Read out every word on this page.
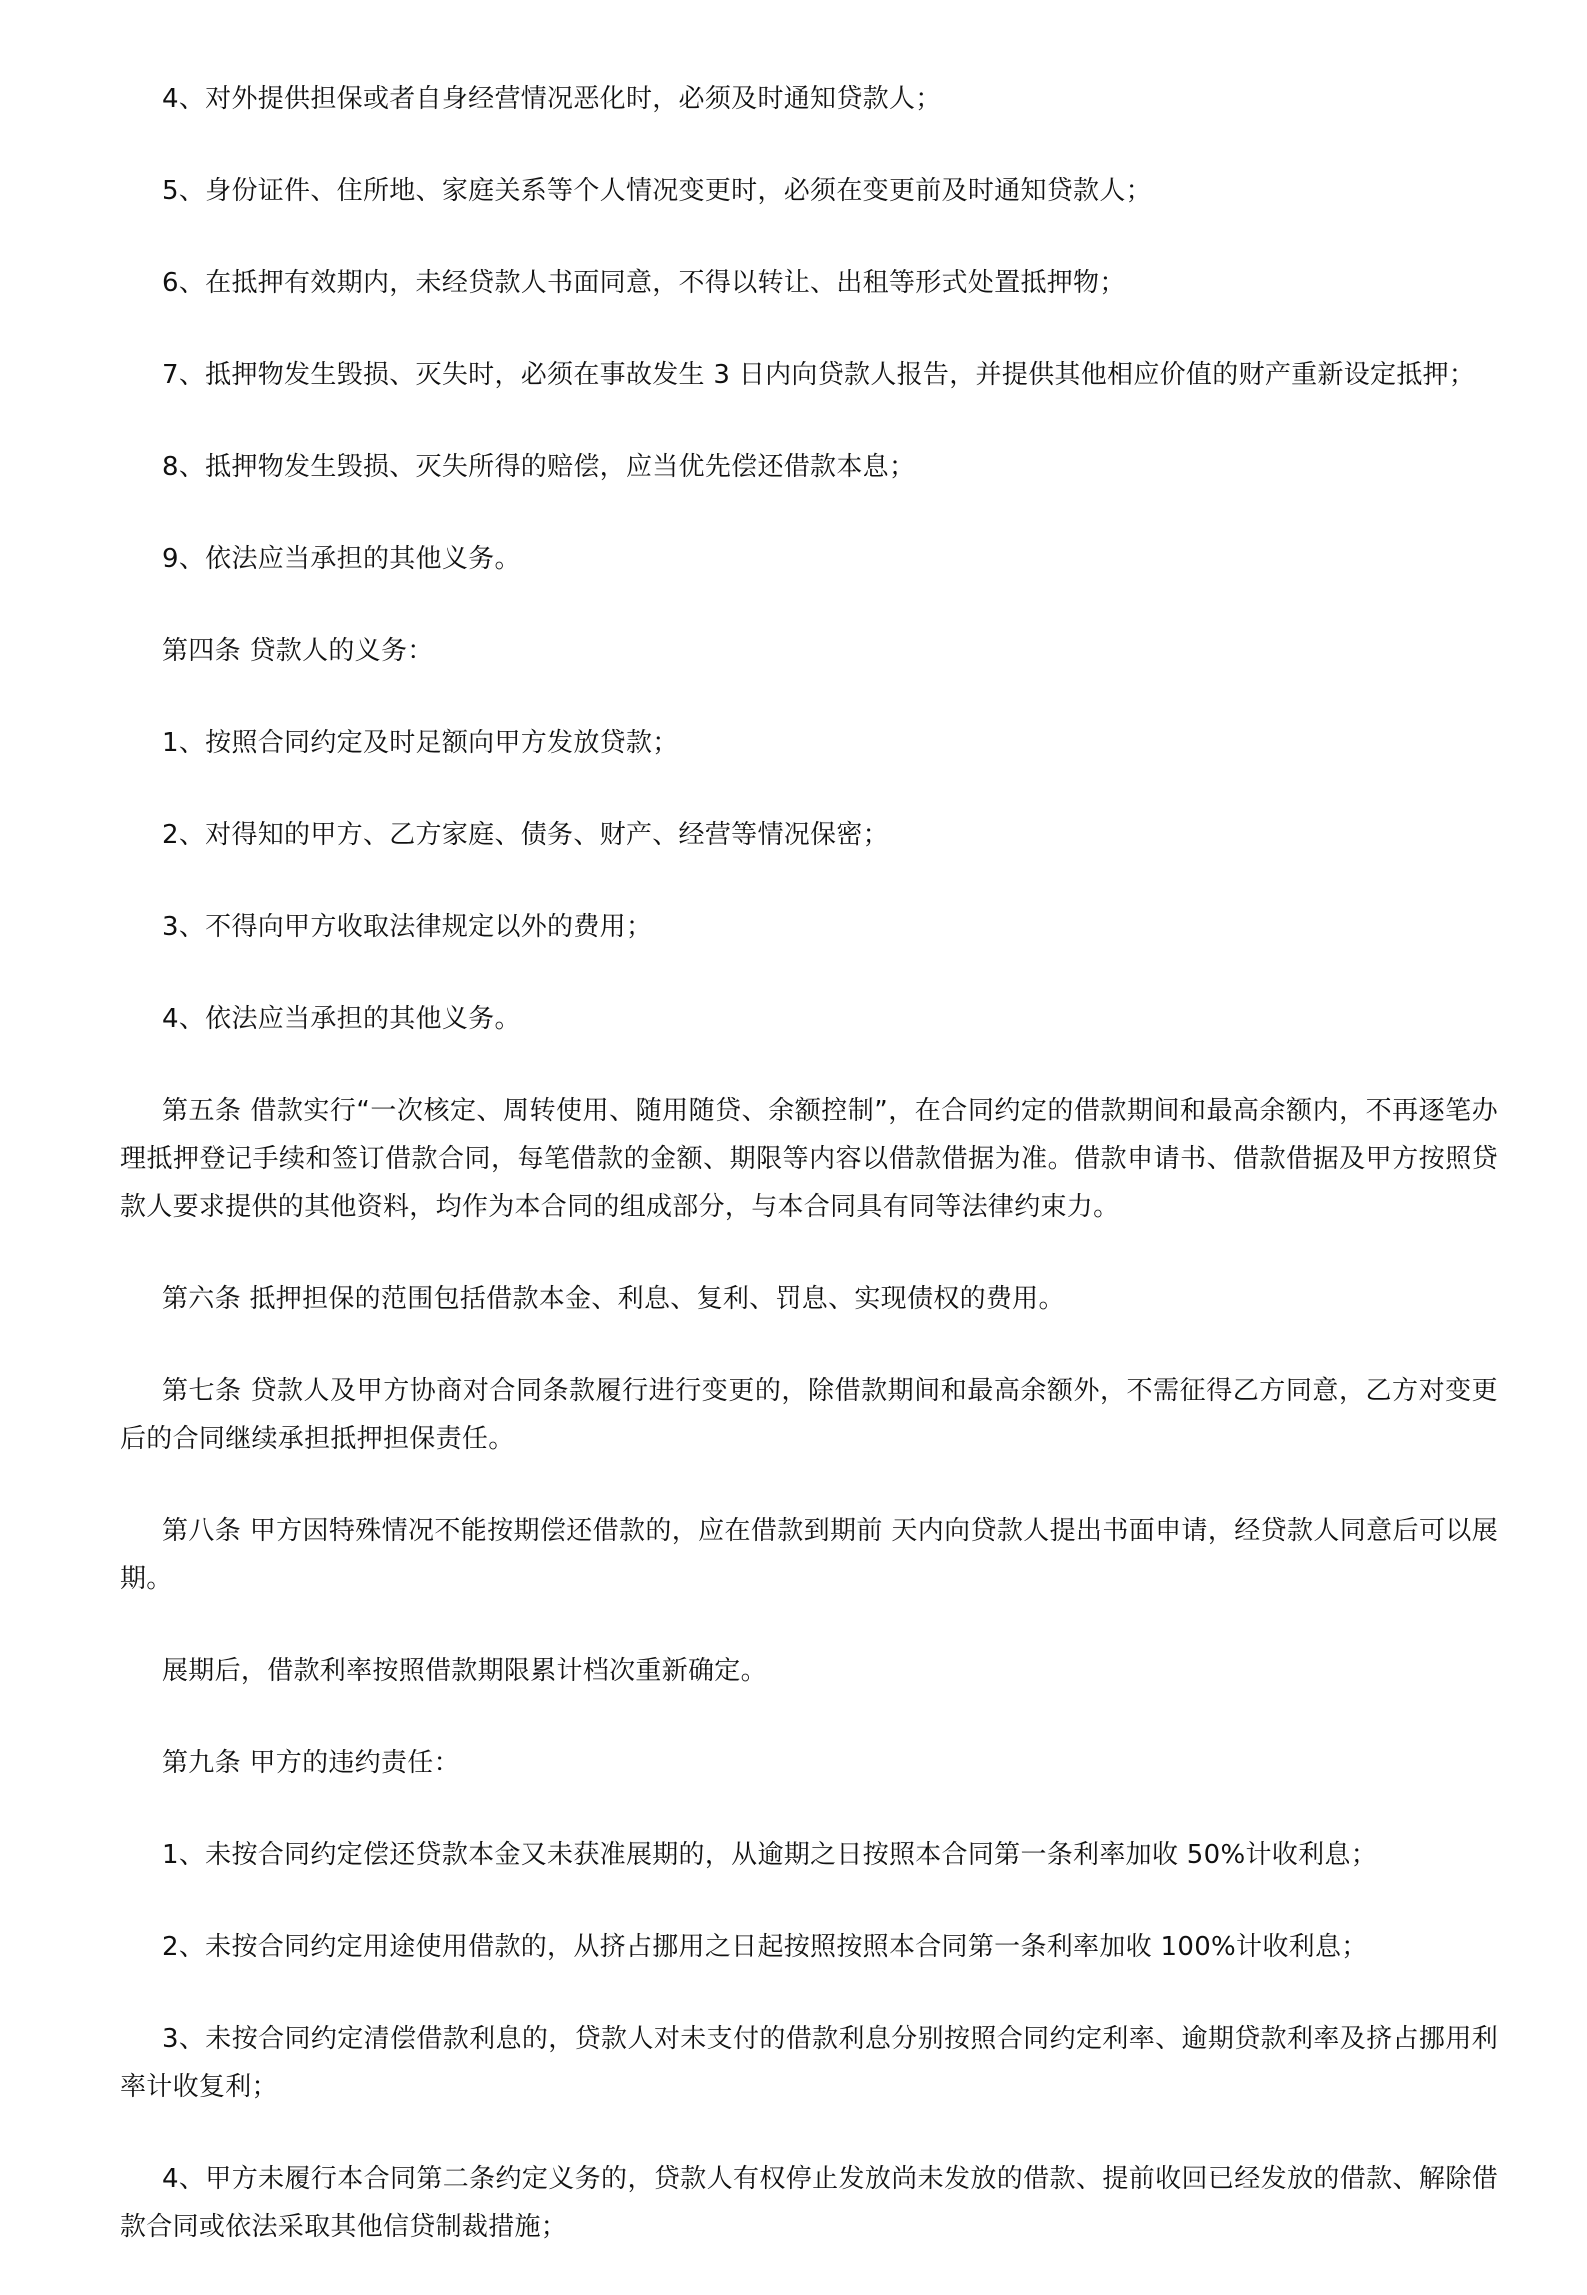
4、对外提供担保或者自身经营情况恶化时，必须及时通知贷款人；

5、身份证件、住所地、家庭关系等个人情况变更时，必须在变更前及时通知贷款人；

6、在抵押有效期内，未经贷款人书面同意，不得以转让、出租等形式处置抵押物；

7、抵押物发生毁损、灭失时，必须在事故发生 3 日内向贷款人报告，并提供其他相应价值的财产重新设定抵押；

8、抵押物发生毁损、灭失所得的赔偿，应当优先偿还借款本息；

9、依法应当承担的其他义务。

第四条 贷款人的义务：

1、按照合同约定及时足额向甲方发放贷款；

2、对得知的甲方、乙方家庭、债务、财产、经营等情况保密；

3、不得向甲方收取法律规定以外的费用；

4、依法应当承担的其他义务。

第五条 借款实行“一次核定、周转使用、随用随贷、余额控制”，在合同约定的借款期间和最高余额内，不再逐笔办理抵押登记手续和签订借款合同，每笔借款的金额、期限等内容以借款借据为准。借款申请书、借款借据及甲方按照贷款人要求提供的其他资料，均作为本合同的组成部分，与本合同具有同等法律约束力。

第六条 抵押担保的范围包括借款本金、利息、复利、罚息、实现债权的费用。

第七条 贷款人及甲方协商对合同条款履行进行变更的，除借款期间和最高余额外，不需征得乙方同意，乙方对变更后的合同继续承担抵押担保责任。

第八条 甲方因特殊情况不能按期偿还借款的，应在借款到期前 天内向贷款人提出书面申请，经贷款人同意后可以展期。

展期后，借款利率按照借款期限累计档次重新确定。

第九条 甲方的违约责任：

1、未按合同约定偿还贷款本金又未获准展期的，从逾期之日按照本合同第一条利率加收 50%计收利息；

2、未按合同约定用途使用借款的，从挤占挪用之日起按照按照本合同第一条利率加收 100%计收利息；

3、未按合同约定清偿借款利息的，贷款人对未支付的借款利息分别按照合同约定利率、逾期贷款利率及挤占挪用利率计收复利；

4、甲方未履行本合同第二条约定义务的，贷款人有权停止发放尚未发放的借款、提前收回已经发放的借款、解除借款合同或依法采取其他信贷制裁措施；
